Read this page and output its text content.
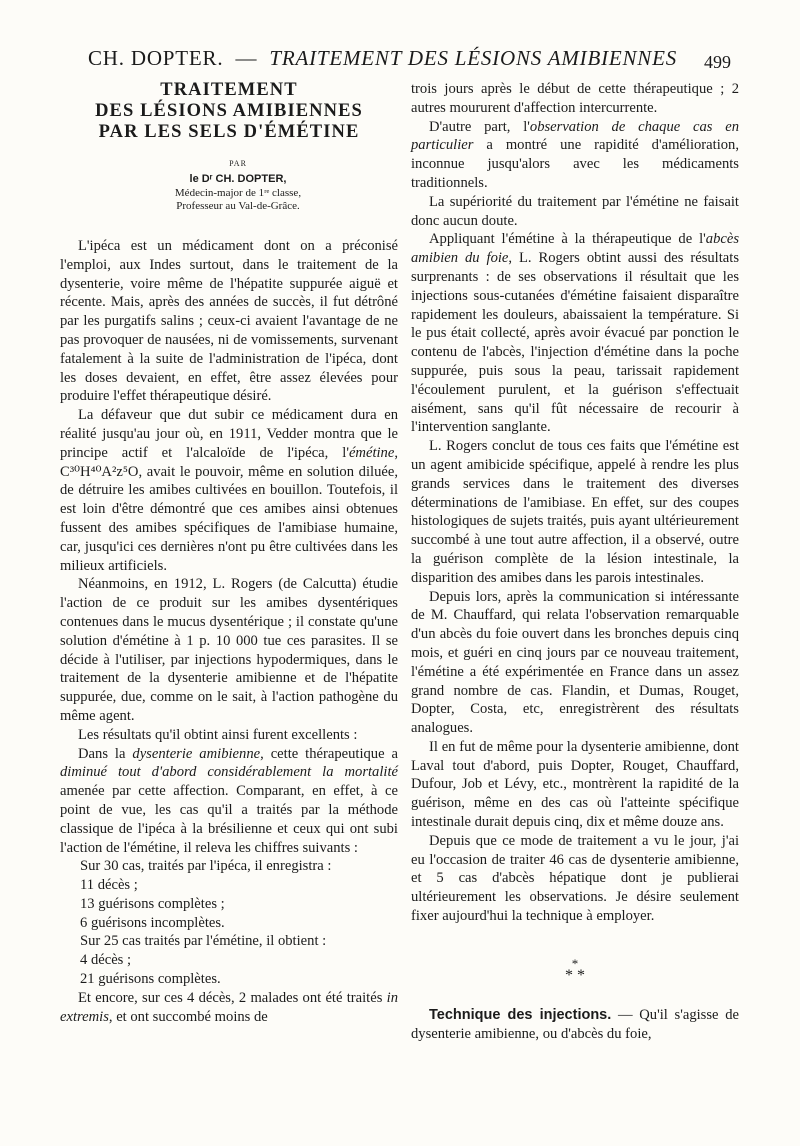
CH. DOPTER. — TRAITEMENT DES LÉSIONS AMIBIENNES	499
TRAITEMENT
DES LÉSIONS AMIBIENNES
PAR LES SELS D'ÉMÉTINE

PAR

le Dʳ CH. DOPTER,

Médecin-major de 1ʳᵉ classe,

Professeur au Val-de-Grâce.

L'ipéca est un médicament dont on a préconisé l'emploi, aux Indes surtout, dans le traitement de la dysenterie, voire même de l'hépatite suppurée aiguë et récente. Mais, après des années de succès, il fut détrôné par les purgatifs salins ; ceux-ci avaient l'avantage de ne pas provoquer de nausées, ni de vomissements, survenant fatalement à la suite de l'administration de l'ipéca, dont les doses devaient, en effet, être assez élevées pour produire l'effet thérapeutique désiré.

La défaveur que dut subir ce médicament dura en réalité jusqu'au jour où, en 1911, Vedder montra que le principe actif et l'alcaloïde de l'ipéca, l'émétine, C³⁰H⁴⁰A²z⁵O, avait le pouvoir, même en solution diluée, de détruire les amibes cultivées en bouillon. Toutefois, il est loin d'être démontré que ces amibes ainsi obtenues fussent des amibes spécifiques de l'amibiase humaine, car, jusqu'ici ces dernières n'ont pu être cultivées dans les milieux artificiels.

Néanmoins, en 1912, L. Rogers (de Calcutta) étudie l'action de ce produit sur les amibes dysentériques contenues dans le mucus dysentérique ; il constate qu'une solution d'émétine à 1 p. 10 000 tue ces parasites. Il se décide à l'utiliser, par injections hypodermiques, dans le traitement de la dysenterie amibienne et de l'hépatite suppurée, due, comme on le sait, à l'action pathogène du même agent.

Les résultats qu'il obtint ainsi furent excellents :

Dans la dysenterie amibienne, cette thérapeutique a diminué tout d'abord considérablement la mortalité amenée par cette affection. Comparant, en effet, à ce point de vue, les cas qu'il a traités par la méthode classique de l'ipéca à la brésilienne et ceux qui ont subi l'action de l'émétine, il releva les chiffres suivants :

Sur 30 cas, traités par l'ipéca, il enregistra :

11 décès ;

13 guérisons complètes ;

6 guérisons incomplètes.

Sur 25 cas traités par l'émétine, il obtient :

4 décès ;

21 guérisons complètes.

Et encore, sur ces 4 décès, 2 malades ont été traités in extremis, et ont succombé moins de

trois jours après le début de cette thérapeutique ; 2 autres moururent d'affection intercurrente.

D'autre part, l'observation de chaque cas en particulier a montré une rapidité d'amélioration, inconnue jusqu'alors avec les médicaments traditionnels.

La supériorité du traitement par l'émétine ne faisait donc aucun doute.

Appliquant l'émétine à la thérapeutique de l'abcès amibien du foie, L. Rogers obtint aussi des résultats surprenants : de ses observations il résultait que les injections sous-cutanées d'émétine faisaient disparaître rapidement les douleurs, abaissaient la température. Si le pus était collecté, après avoir évacué par ponction le contenu de l'abcès, l'injection d'émétine dans la poche suppurée, puis sous la peau, tarissait rapidement l'écoulement purulent, et la guérison s'effectuait aisément, sans qu'il fût nécessaire de recourir à l'intervention sanglante.

L. Rogers conclut de tous ces faits que l'émétine est un agent amibicide spécifique, appelé à rendre les plus grands services dans le traitement des diverses déterminations de l'amibiase. En effet, sur des coupes histologiques de sujets traités, puis ayant ultérieurement succombé à une tout autre affection, il a observé, outre la guérison complète de la lésion intestinale, la disparition des amibes dans les parois intestinales.

Depuis lors, après la communication si intéressante de M. Chauffard, qui relata l'observation remarquable d'un abcès du foie ouvert dans les bronches depuis cinq mois, et guéri en cinq jours par ce nouveau traitement, l'émétine a été expérimentée en France dans un assez grand nombre de cas. Flandin, et Dumas, Rouget, Dopter, Costa, etc, enregistrèrent des résultats analogues.

Il en fut de même pour la dysenterie amibienne, dont Laval tout d'abord, puis Dopter, Rouget, Chauffard, Dufour, Job et Lévy, etc., montrèrent la rapidité de la guérison, même en des cas où l'atteinte spécifique intestinale durait depuis cinq, dix et même douze ans.

Depuis que ce mode de traitement a vu le jour, j'ai eu l'occasion de traiter 46 cas de dysenterie amibienne, et 5 cas d'abcès hépatique dont je publierai ultérieurement les observations. Je désire seulement fixer aujourd'hui la technique à employer.

*
* *

Technique des injections. — Qu'il s'agisse de dysenterie amibienne, ou d'abcès du foie,
